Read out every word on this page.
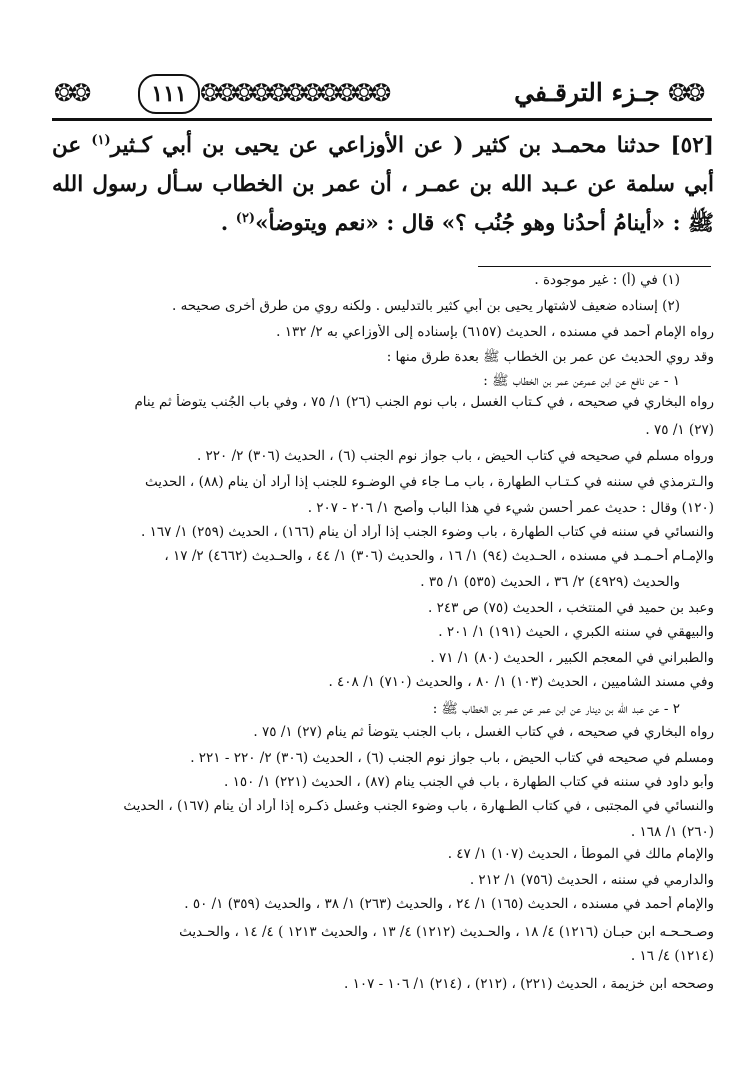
❂❂	١١١ ❂❂❂❂❂❂❂❂❂❂❂	جـزء الترقـفي ❂❂

[٥٢] حدثنا محمـد بن كثير ( عن الأوزاعي عن يحيى بن أبي كـثير$^{(١)}$ عن أبي سلمة عن عـبد الله بن عمـر ، أن عمر بن الخطاب سـأل رسول الله ﷺ : «أينامُ أحدُنا وهو جُنُب ؟» قال : «نعم ويتوضأ»$^{(٢)}$ .

(١) في (أ) : غير موجودة .
(٢) إسناده ضعيف لاشتهار يحيى بن أبي كثير بالتدليس . ولكنه روي من طرق أخرى صحيحه .
رواه الإمام أحمد في مسنده ، الحديث (٦١٥٧) بإسناده إلى الأوزاعي به ٢/ ١٣٢ .
وقد روي الحديث عن عمر بن الخطاب ﷺ بعدة طرق منها :
١ - عن نافع عن ابن عمرعن عمر بن الخطاب ﷺ :
رواه البخاري في صحيحه ، في كـتاب الغسل ، باب نوم الجنب (٢٦) ١/ ٧٥ ، وفي باب الجُنب يتوضأ ثم ينام
(٢٧) ١/ ٧٥ .
ورواه مسلم في صحيحه في كتاب الحيض ، باب جواز نوم الجنب (٦) ، الحديث (٣٠٦) ٢/ ٢٢٠ .
والـترمذي في سننه في كـتـاب الطهارة ، باب مـا جاء في الوضـوء للجنب إذا أراد أن ينام (٨٨) ، الحديث
(١٢٠) وقال : حديث عمر أحسن شيء في هذا الباب وأصح ١/ ٢٠٦ - ٢٠٧ .
والنسائي في سننه في كتاب الطهارة ، باب وضوء الجنب إذا أراد أن ينام (١٦٦) ، الحديث (٢٥٩) ١/ ١٦٧ .
والإمـام أحـمـد في مسنده ، الحـديث (٩٤) ١/ ١٦ ، والحديث (٣٠٦) ١/ ٤٤ ، والحـديث (٤٦٦٢) ٢/ ١٧ ،
والحديث (٤٩٢٩) ٢/ ٣٦ ، الحديث (٥٣٥) ١/ ٣٥ .
وعبد بن حميد في المنتخب ، الحديث (٧٥) ص ٢٤٣ .
والبيهقي في سننه الكبري ، الحيث (١٩١) ١/ ٢٠١ .
والطبراني في المعجم الكبير ، الحديث (٨٠) ١/ ٧١ .
وفي مسند الشاميين ، الحديث (١٠٣) ١/ ٨٠ ، والحديث (٧١٠) ١/ ٤٠٨ .
٢ - عن عبد الله بن دينار عن ابن عمر عن عمر بن الخطاب ﷺ :
رواه البخاري في صحيحه ، في كتاب الغسل ، باب الجنب يتوضأ ثم ينام (٢٧) ١/ ٧٥ .
ومسلم في صحيحه في كتاب الحيض ، باب جواز نوم الجنب (٦) ، الحديث (٣٠٦) ٢/ ٢٢٠ - ٢٢١ .
وأبو داود في سننه في كتاب الطهارة ، باب في الجنب ينام (٨٧) ، الحديث (٢٢١) ١/ ١٥٠ .
والنسائي في المجتبى ، في كتاب الطـهارة ، باب وضوء الجنب وغسل ذكـره إذا أراد أن ينام (١٦٧) ، الحديث
(٢٦٠) ١/ ١٦٨ .
والإمام مالك في الموطأ ، الحديث (١٠٧) ١/ ٤٧ .
والدارمي في سننه ، الحديث (٧٥٦) ١/ ٢١٢ .
والإمام أحمد في مسنده ، الحديث (١٦٥) ١/ ٢٤ ، والحديث (٢٦٣) ١/ ٣٨ ، والحديث (٣٥٩) ١/ ٥٠ .
وصـحـحـه ابن حبـان (١٢١٦) ٤/ ١٨ ، والحـديث (١٢١٢) ٤/ ١٣ ، والحديث ١٢١٣ ) ٤/ ١٤ ، والحـديث
(١٢١٤) ٤/ ١٦ .
وصححه ابن خزيمة ، الحديث (٢٢١) ، (٢١٢) ، (٢١٤) ١/ ١٠٦ - ١٠٧ .
